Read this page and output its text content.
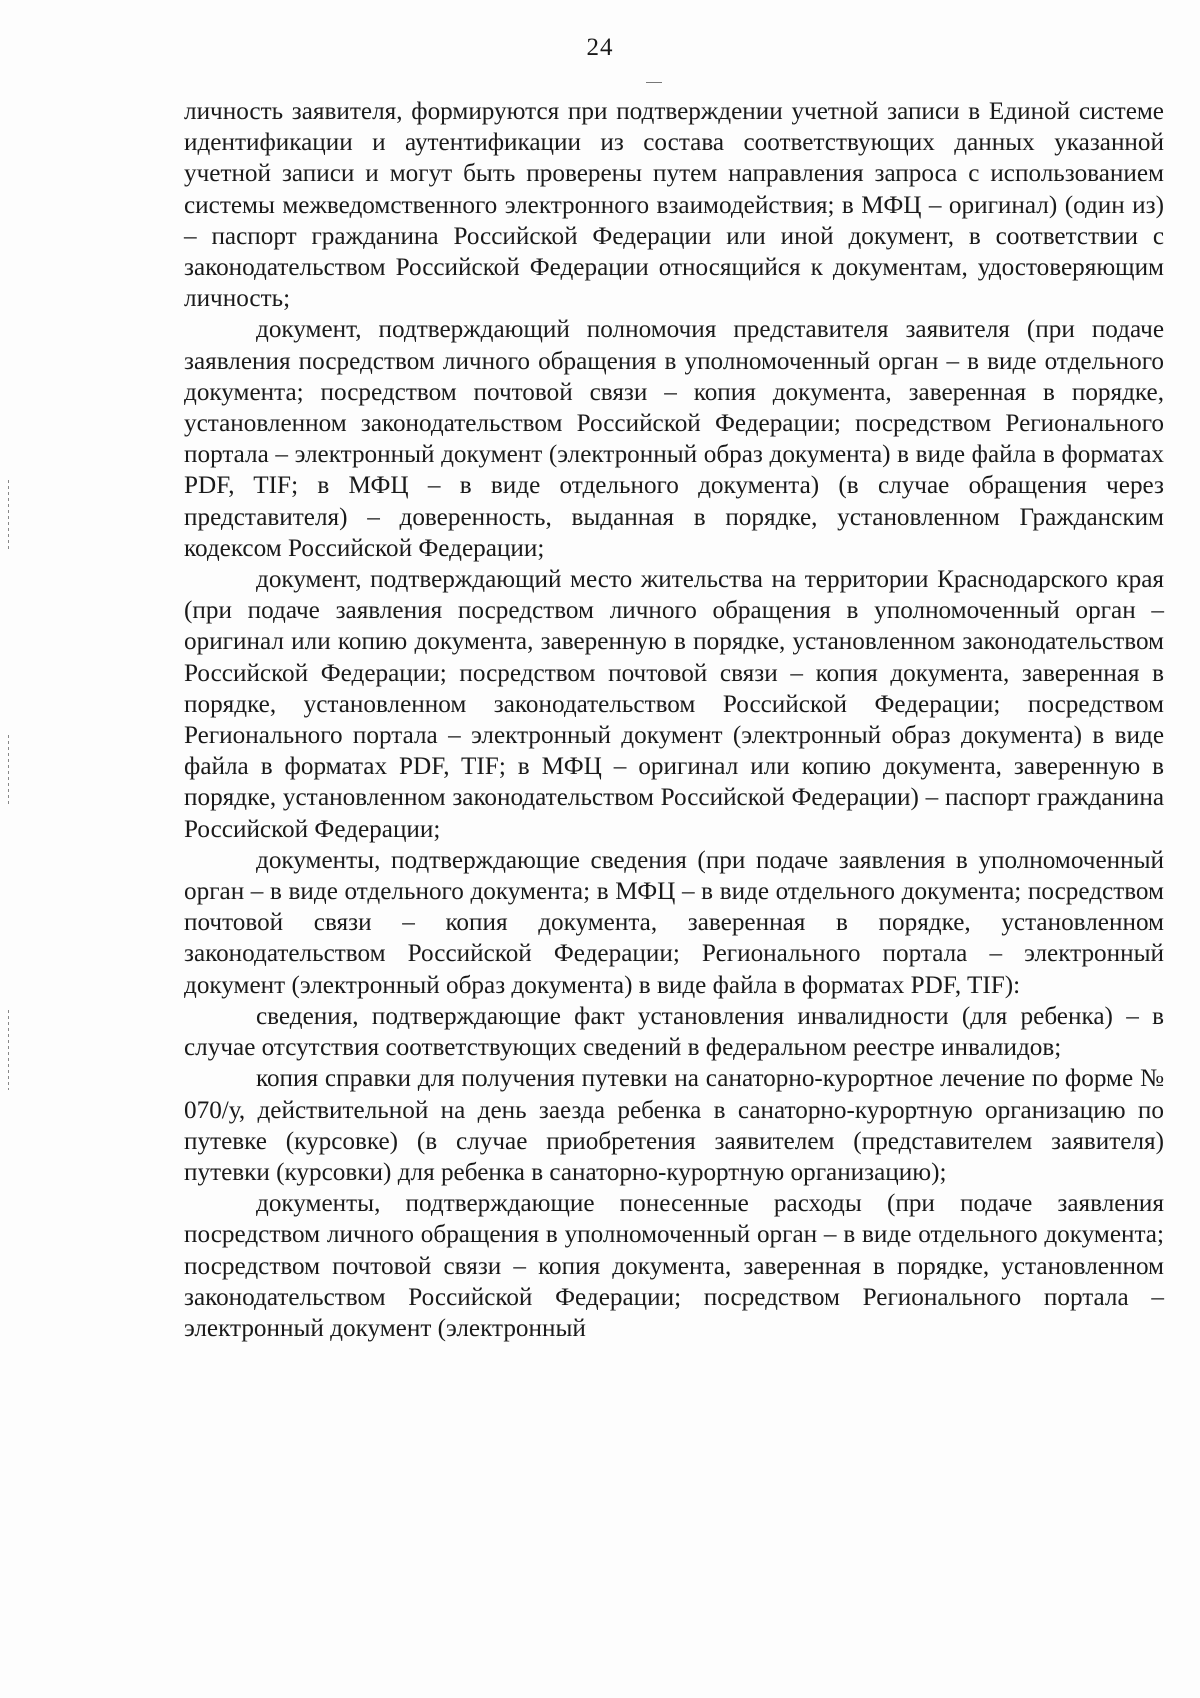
24

личность заявителя, формируются при подтверждении учетной записи в Единой системе идентификации и аутентификации из состава соответствующих данных указанной учетной записи и могут быть проверены путем направления запроса с использованием системы межведомственного электронного взаимодействия; в МФЦ – оригинал) (один из) – паспорт гражданина Российской Федерации или иной документ, в соответствии с законодательством Российской Федерации относящийся к документам, удостоверяющим личность;

документ, подтверждающий полномочия представителя заявителя (при подаче заявления посредством личного обращения в уполномоченный орган – в виде отдельного документа; посредством почтовой связи – копия документа, заверенная в порядке, установленном законодательством Российской Федерации; посредством Регионального портала – электронный документ (электронный образ документа) в виде файла в форматах PDF, TIF; в МФЦ – в виде отдельного документа) (в случае обращения через представителя) – доверенность, выданная в порядке, установленном Гражданским кодексом Российской Федерации;

документ, подтверждающий место жительства на территории Краснодарского края (при подаче заявления посредством личного обращения в уполномоченный орган – оригинал или копию документа, заверенную в порядке, установленном законодательством Российской Федерации; посредством почтовой связи – копия документа, заверенная в порядке, установленном законодательством Российской Федерации; посредством Регионального портала – электронный документ (электронный образ документа) в виде файла в форматах PDF, TIF; в МФЦ – оригинал или копию документа, заверенную в порядке, установленном законодательством Российской Федерации) – паспорт гражданина Российской Федерации;

документы, подтверждающие сведения (при подаче заявления в уполномоченный орган – в виде отдельного документа; в МФЦ – в виде отдельного документа; посредством почтовой связи – копия документа, заверенная в порядке, установленном законодательством Российской Федерации; Регионального портала – электронный документ (электронный образ документа) в виде файла в форматах PDF, TIF):

сведения, подтверждающие факт установления инвалидности (для ребенка) – в случае отсутствия соответствующих сведений в федеральном реестре инвалидов;

копия справки для получения путевки на санаторно-курортное лечение по форме № 070/у, действительной на день заезда ребенка в санаторно-курортную организацию по путевке (курсовке) (в случае приобретения заявителем (представителем заявителя) путевки (курсовки) для ребенка в санаторно-курортную организацию);

документы, подтверждающие понесенные расходы (при подаче заявления посредством личного обращения в уполномоченный орган – в виде отдельного документа; посредством почтовой связи – копия документа, заверенная в порядке, установленном законодательством Российской Федерации; посредством Регионального портала – электронный документ (электронный
